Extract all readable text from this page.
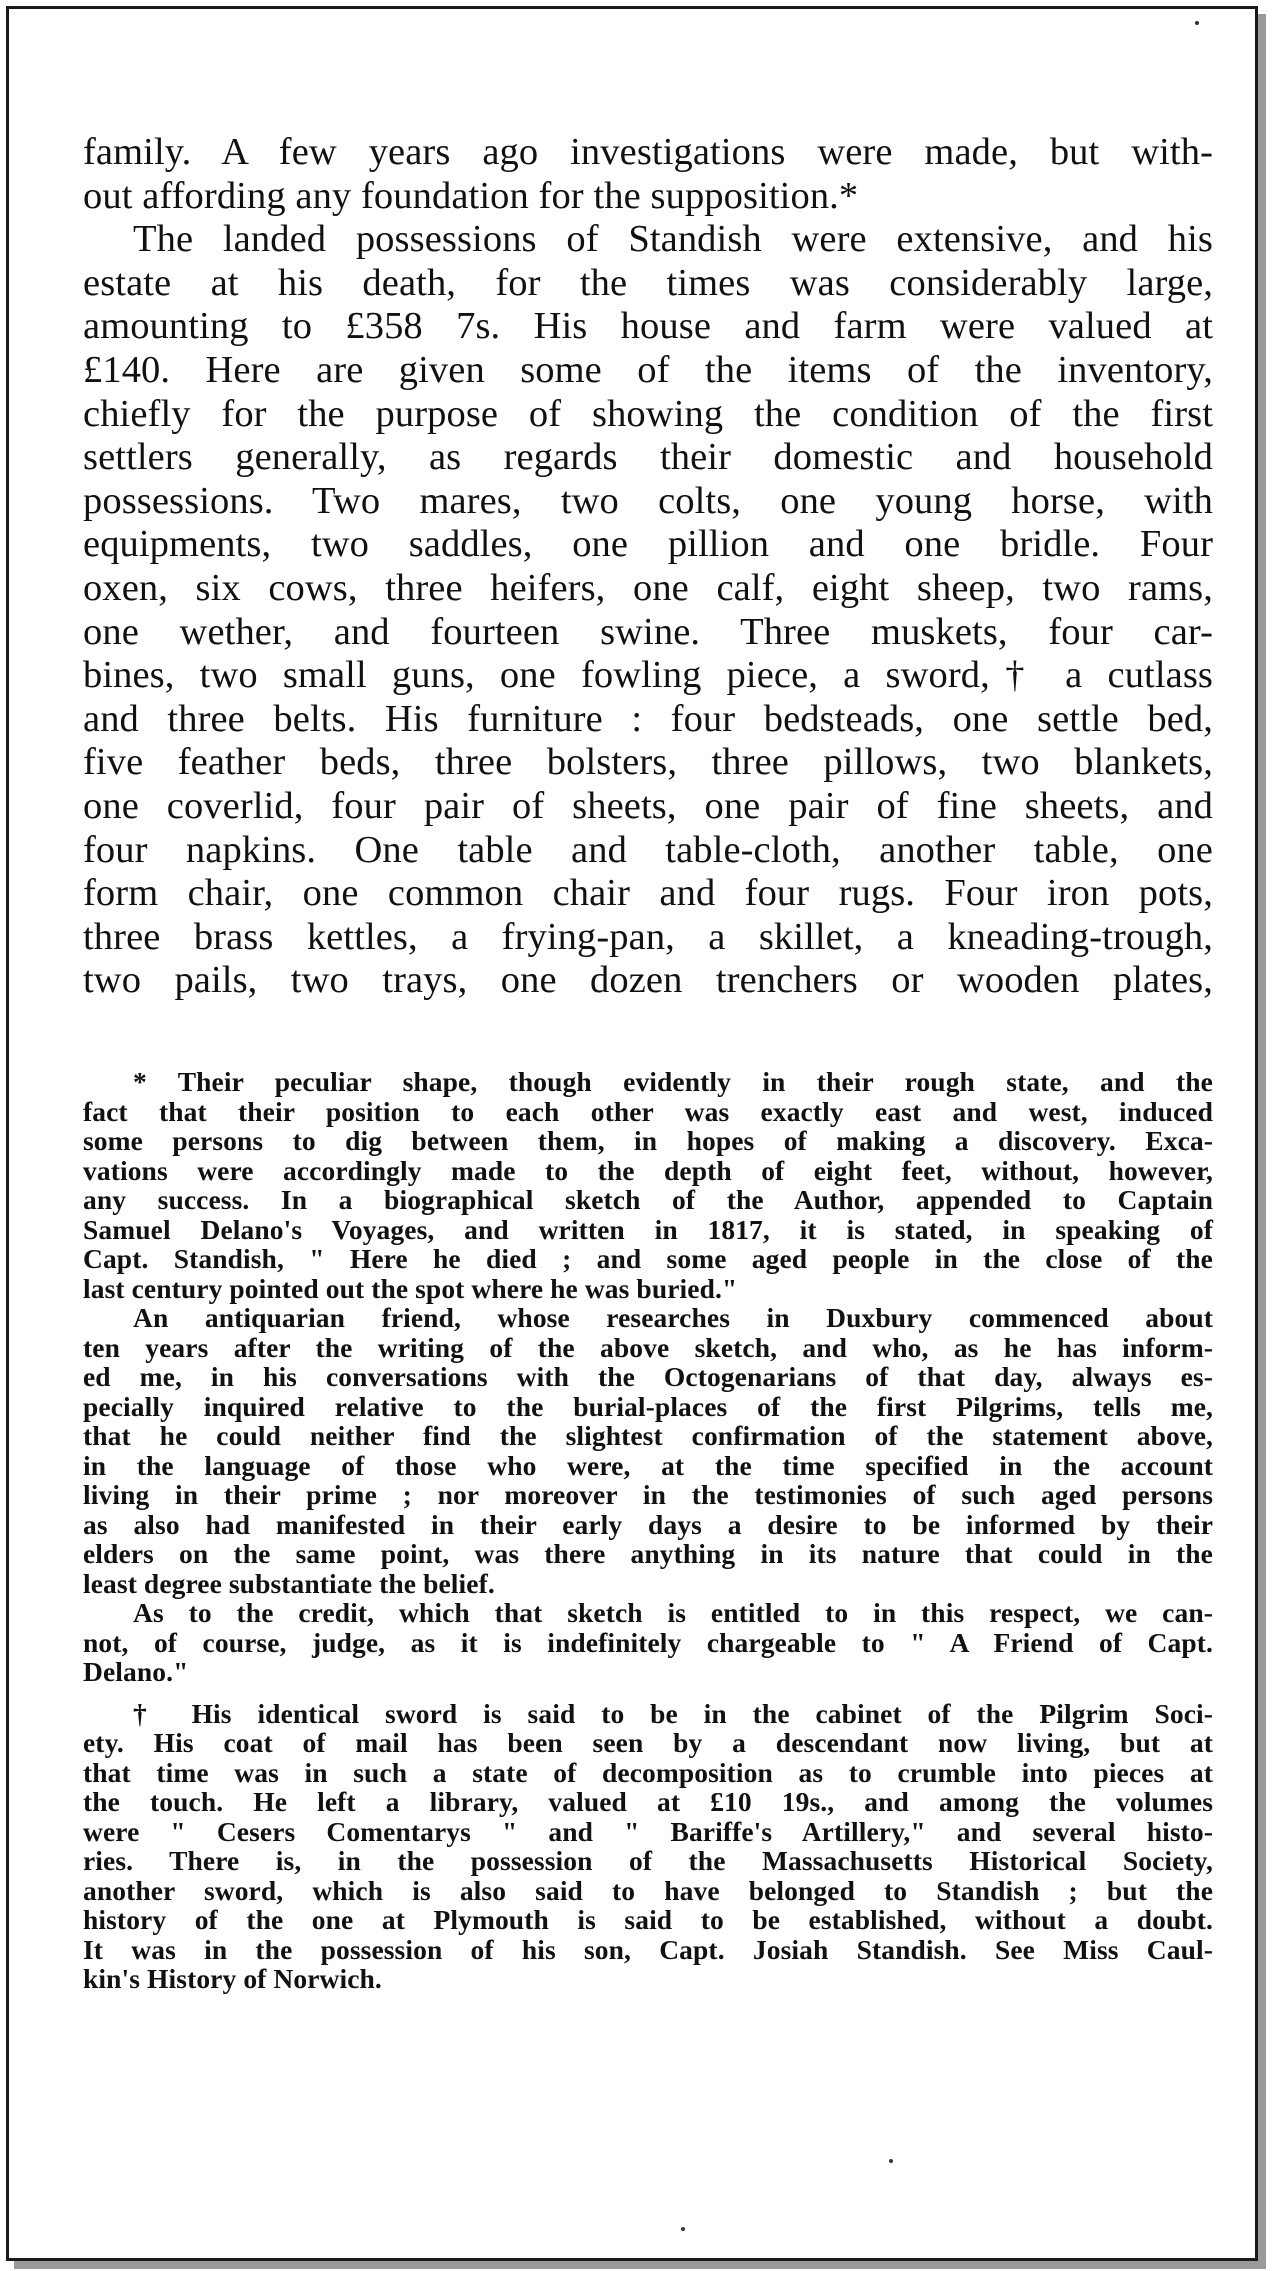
family. A few years ago investigations were made, but with-
out affording any foundation for the supposition.*
The landed possessions of Standish were extensive, and his
estate at his death, for the times was considerably large,
amounting to £358 7s. His house and farm were valued at
£140. Here are given some of the items of the inventory,
chiefly for the purpose of showing the condition of the first
settlers generally, as regards their domestic and household
possessions. Two mares, two colts, one young horse, with
equipments, two saddles, one pillion and one bridle. Four
oxen, six cows, three heifers, one calf, eight sheep, two rams,
one wether, and fourteen swine. Three muskets, four car-
bines, two small guns, one fowling piece, a sword,† a cutlass
and three belts. His furniture : four bedsteads, one settle bed,
five feather beds, three bolsters, three pillows, two blankets,
one coverlid, four pair of sheets, one pair of fine sheets, and
four napkins. One table and table-cloth, another table, one
form chair, one common chair and four rugs. Four iron pots,
three brass kettles, a frying-pan, a skillet, a kneading-trough,
two pails, two trays, one dozen trenchers or wooden plates,
* Their peculiar shape, though evidently in their rough state, and the
fact that their position to each other was exactly east and west, induced
some persons to dig between them, in hopes of making a discovery. Exca-
vations were accordingly made to the depth of eight feet, without, however,
any success. In a biographical sketch of the Author, appended to Captain
Samuel Delano's Voyages, and written in 1817, it is stated, in speaking of
Capt. Standish, " Here he died ; and some aged people in the close of the
last century pointed out the spot where he was buried."
An antiquarian friend, whose researches in Duxbury commenced about
ten years after the writing of the above sketch, and who, as he has inform-
ed me, in his conversations with the Octogenarians of that day, always es-
pecially inquired relative to the burial-places of the first Pilgrims, tells me,
that he could neither find the slightest confirmation of the statement above,
in the language of those who were, at the time specified in the account
living in their prime ; nor moreover in the testimonies of such aged persons
as also had manifested in their early days a desire to be informed by their
elders on the same point, was there anything in its nature that could in the
least degree substantiate the belief.
As to the credit, which that sketch is entitled to in this respect, we can-
not, of course, judge, as it is indefinitely chargeable to " A Friend of Capt.
Delano."
† His identical sword is said to be in the cabinet of the Pilgrim Soci-
ety. His coat of mail has been seen by a descendant now living, but at
that time was in such a state of decomposition as to crumble into pieces at
the touch. He left a library, valued at £10 19s., and among the volumes
were " Cesers Comentarys " and " Bariffe's Artillery," and several histo-
ries. There is, in the possession of the Massachusetts Historical Society,
another sword, which is also said to have belonged to Standish ; but the
history of the one at Plymouth is said to be established, without a doubt.
It was in the possession of his son, Capt. Josiah Standish. See Miss Caul-
kin's History of Norwich.
